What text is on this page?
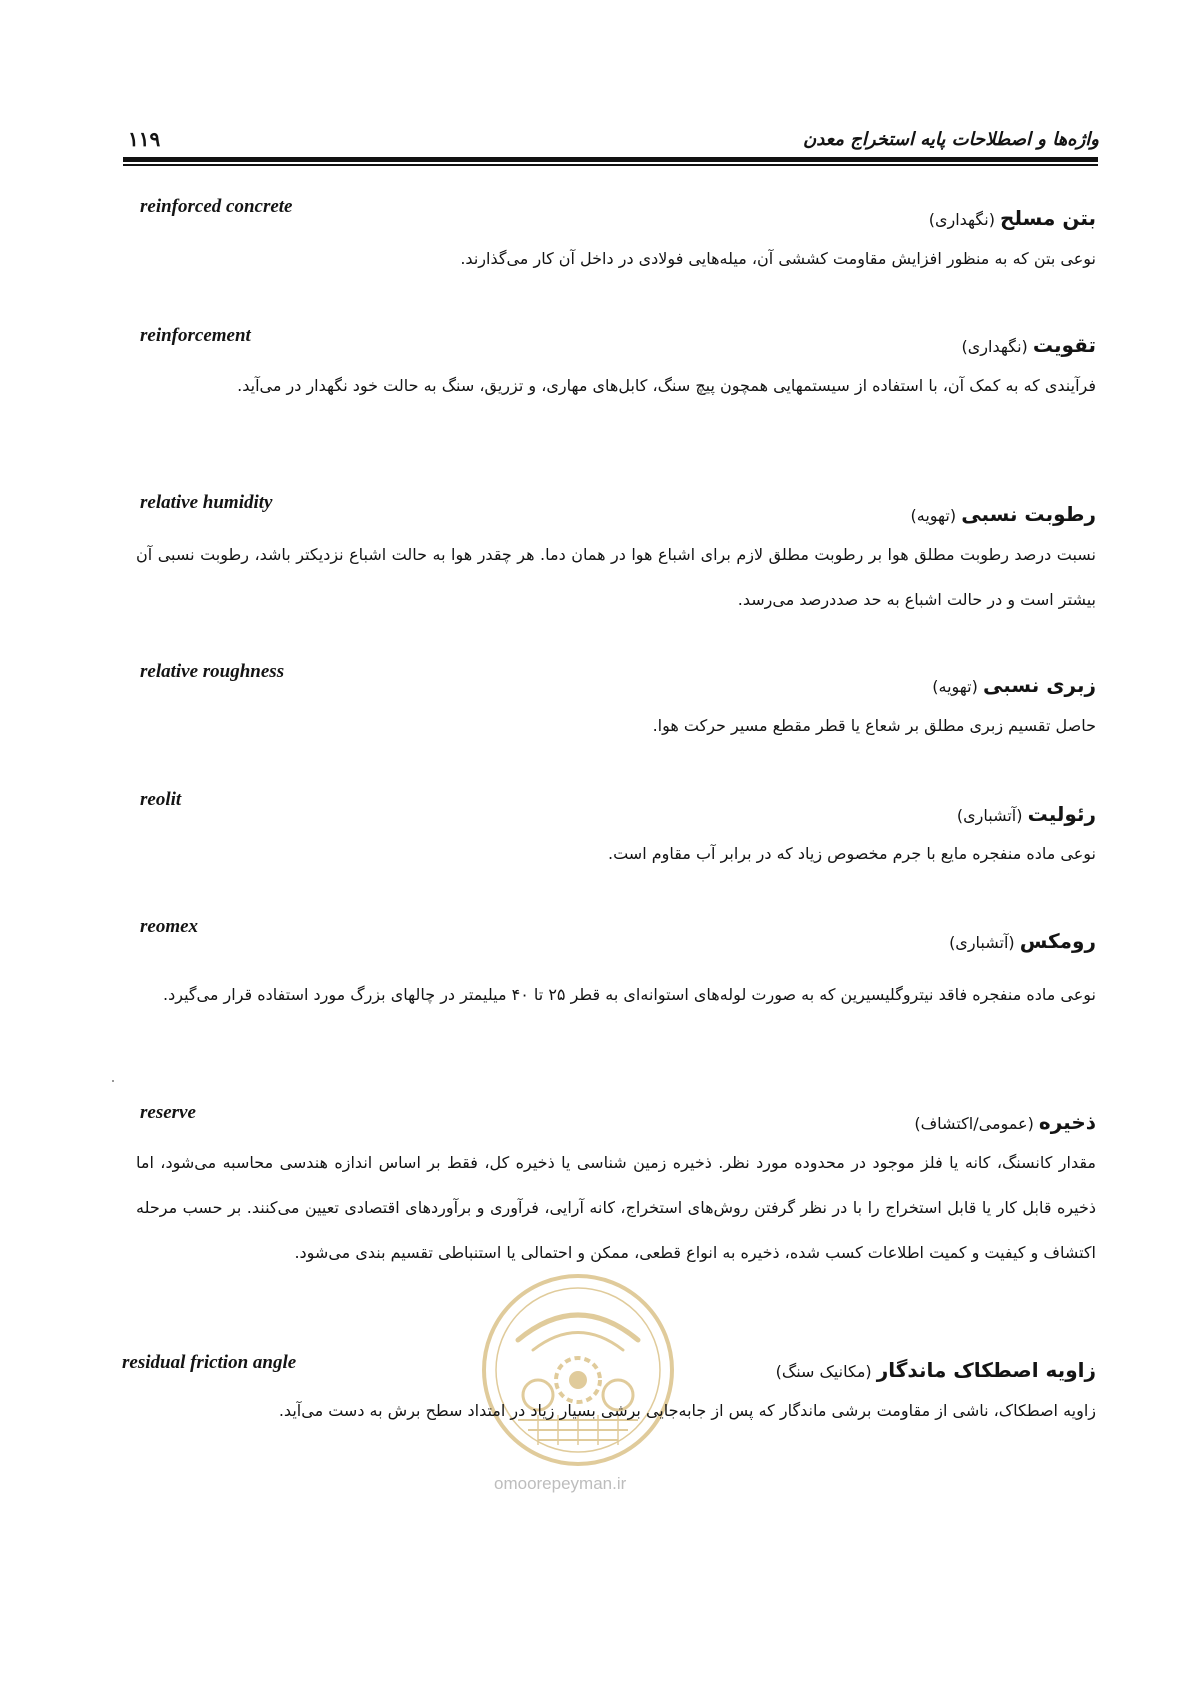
واژه‌ها و اصطلاحات پایه استخراج معدن
۱۱۹
reinforced concrete	بتن مسلح (نگهداری)
نوعی بتن که به منظور افزایش مقاومت کششی آن، میله‌هایی فولادی در داخل آن کار می‌گذارند.
reinforcement	تقویت (نگهداری)
فرآیندی که به کمک آن، با استفاده از سیستمهایی همچون پیچ سنگ، کابل‌های مهاری، و تزریق، سنگ به حالت خود نگهدار در می‌آید.
relative humidity	رطوبت نسبی (تهویه)
نسبت درصد رطوبت مطلق هوا بر رطوبت مطلق لازم برای اشباع هوا در همان دما. هر چقدر هوا به حالت اشباع نزدیکتر باشد، رطوبت نسبی آن بیشتر است و در حالت اشباع به حد صددرصد می‌رسد.
relative roughness
زبری نسبی (تهویه)
حاصل تقسیم زبری مطلق بر شعاع یا قطر مقطع مسیر حرکت هوا.
reolit
رئولیت (آتشباری)
نوعی ماده منفجره مایع با جرم مخصوص زیاد که در برابر آب مقاوم است.
reomex
رومکس (آتشباری)
نوعی ماده منفجره فاقد نیتروگلیسیرین که به صورت لوله‌های استوانه‌ای به قطر ۲۵ تا ۴۰ میلیمتر در چالهای بزرگ مورد استفاده قرار می‌گیرد.
reserve	ذخیره (عمومی/اکتشاف)
مقدار کانسنگ، کانه یا فلز موجود در محدوده مورد نظر. ذخیره زمین شناسی یا ذخیره کل، فقط بر اساس اندازه هندسی محاسبه می‌شود، اما ذخیره قابل کار یا قابل استخراج را با در نظر گرفتن روش‌های استخراج، کانه آرایی، فرآوری و برآوردهای اقتصادی تعیین می‌کنند. بر حسب مرحله اکتشاف و کیفیت و کمیت اطلاعات کسب شده، ذخیره به انواع قطعی، ممکن و احتمالی یا استنباطی تقسیم بندی می‌شود.
residual friction angle	زاویه اصطکاک ماندگار (مکانیک سنگ)
زاویه اصطکاک، ناشی از مقاومت برشی ماندگار که پس از جابه‌جایی برشی بسیار زیاد در امتداد سطح برش به دست می‌آید.
omoorepeyman.ir
